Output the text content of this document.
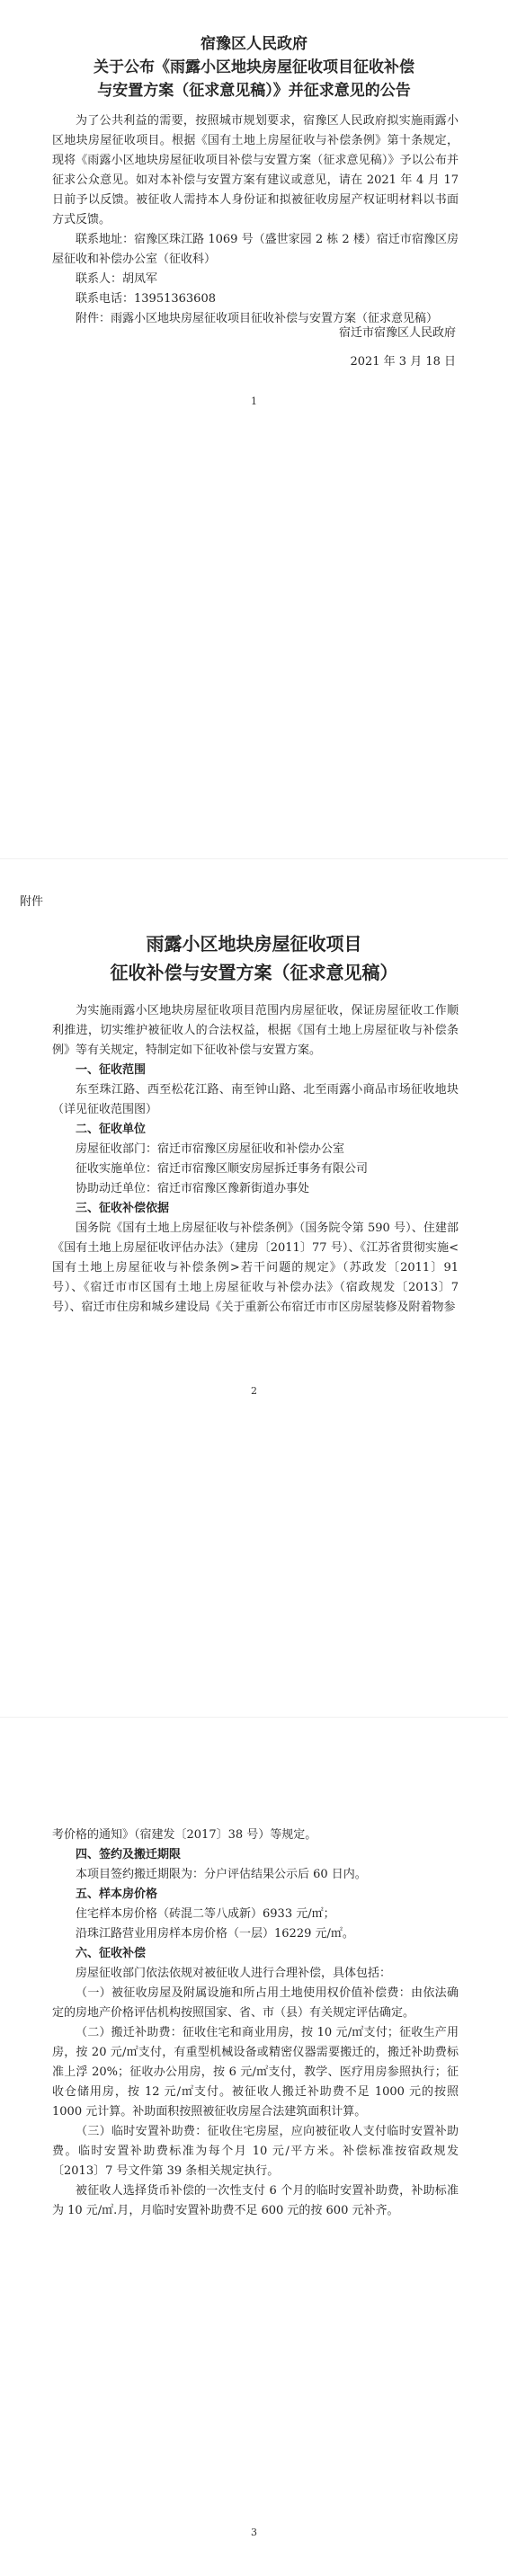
宿豫区人民政府
关于公布《雨露小区地块房屋征收项目征收补偿
与安置方案（征求意见稿）》并征求意见的公告

为了公共利益的需要，按照城市规划要求，宿豫区人民政府拟实施雨露小区地块房屋征收项目。根据《国有土地上房屋征收与补偿条例》第十条规定，现将《雨露小区地块房屋征收项目补偿与安置方案（征求意见稿）》予以公布并征求公众意见。如对本补偿与安置方案有建议或意见，请在 2021 年 4 月 17 日前予以反馈。被征收人需持本人身份证和拟被征收房屋产权证明材料以书面方式反馈。

联系地址：宿豫区珠江路 1069 号（盛世家园 2 栋 2 楼）宿迁市宿豫区房屋征收和补偿办公室（征收科）

联系人：胡凤军

联系电话：13951363608

附件：雨露小区地块房屋征收项目征收补偿与安置方案（征求意见稿）

宿迁市宿豫区人民政府
2021 年 3 月 18 日
1
附件
雨露小区地块房屋征收项目
征收补偿与安置方案（征求意见稿）

为实施雨露小区地块房屋征收项目范围内房屋征收，保证房屋征收工作顺利推进，切实维护被征收人的合法权益，根据《国有土地上房屋征收与补偿条例》等有关规定，特制定如下征收补偿与安置方案。

一、征收范围

东至珠江路、西至松花江路、南至钟山路、北至雨露小商品市场征收地块（详见征收范围图）

二、征收单位

房屋征收部门：宿迁市宿豫区房屋征收和补偿办公室

征收实施单位：宿迁市宿豫区顺安房屋拆迁事务有限公司

协助动迁单位：宿迁市宿豫区豫新街道办事处

三、征收补偿依据

国务院《国有土地上房屋征收与补偿条例》（国务院令第 590 号）、住建部《国有土地上房屋征收评估办法》（建房〔2011〕77 号）、《江苏省贯彻实施<国有土地上房屋征收与补偿条例>若干问题的规定》（苏政发〔2011〕91 号）、《宿迁市市区国有土地上房屋征收与补偿办法》（宿政规发〔2013〕7 号）、宿迁市住房和城乡建设局《关于重新公布宿迁市市区房屋装修及附着物参

2

考价格的通知》（宿建发〔2017〕38 号）等规定。

四、签约及搬迁期限

本项目签约搬迁期限为：分户评估结果公示后 60 日内。

五、样本房价格

住宅样本房价格（砖混二等八成新）6933 元/㎡；

沿珠江路营业用房样本房价格（一层）16229 元/㎡。

六、征收补偿

房屋征收部门依法依规对被征收人进行合理补偿，具体包括：

（一）被征收房屋及附属设施和所占用土地使用权价值补偿费：由依法确定的房地产价格评估机构按照国家、省、市（县）有关规定评估确定。

（二）搬迁补助费：征收住宅和商业用房，按 10 元/㎡支付；征收生产用房，按 20 元/㎡支付，有重型机械设备或精密仪器需要搬迁的，搬迁补助费标准上浮 20%；征收办公用房，按 6 元/㎡支付，教学、医疗用房参照执行；征收仓储用房，按 12 元/㎡支付。被征收人搬迁补助费不足 1000 元的按照 1000 元计算。补助面积按照被征收房屋合法建筑面积计算。

（三）临时安置补助费：征收住宅房屋，应向被征收人支付临时安置补助费。临时安置补助费标准为每个月 10 元/平方米。补偿标准按宿政规发〔2013〕7 号文件第 39 条相关规定执行。

被征收人选择货币补偿的一次性支付 6 个月的临时安置补助费，补助标准为 10 元/㎡.月，月临时安置补助费不足 600 元的按 600 元补齐。

3
